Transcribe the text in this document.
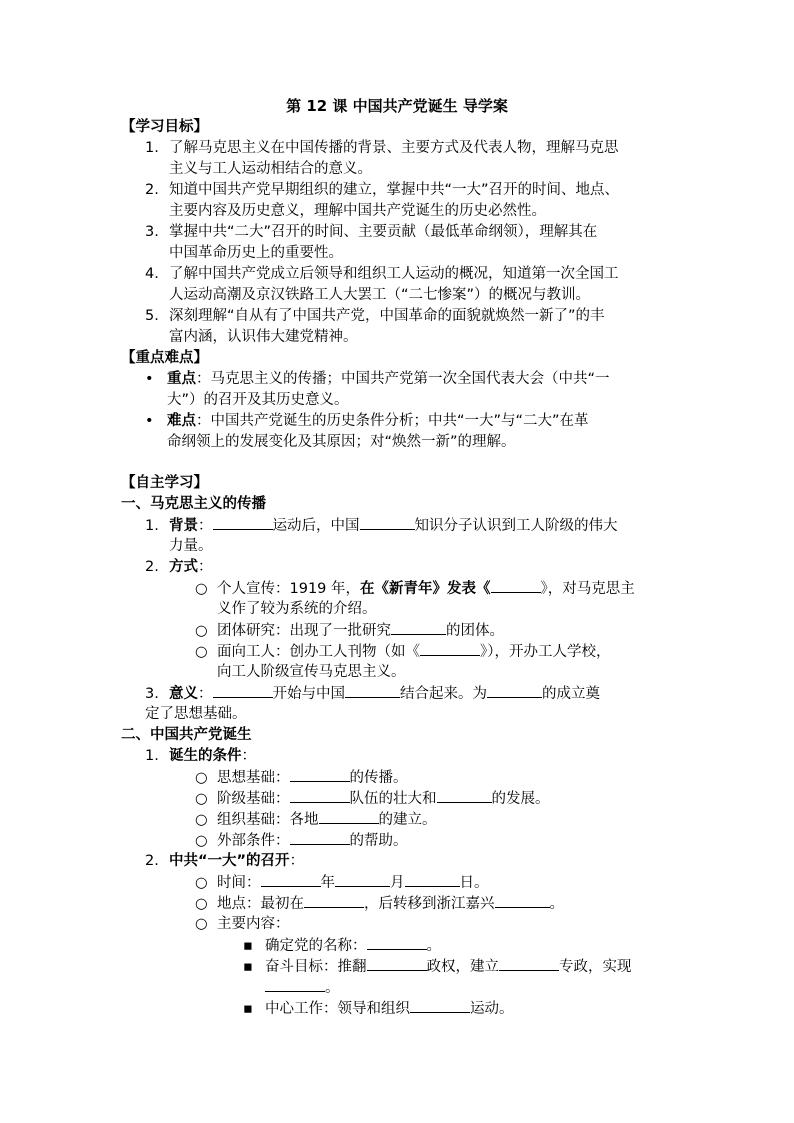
第 12 课 中国共产党诞生 导学案
【学习目标】
1. 了解马克思主义在中国传播的背景、主要方式及代表人物，理解马克思
主义与工人运动相结合的意义。
2. 知道中国共产党早期组织的建立，掌握中共“一大”召开的时间、地点、
主要内容及历史意义，理解中国共产党诞生的历史必然性。
3. 掌握中共“二大”召开的时间、主要贡献（最低革命纲领），理解其在
中国革命历史上的重要性。
4. 了解中国共产党成立后领导和组织工人运动的概况，知道第一次全国工
人运动高潮及京汉铁路工人大罢工（“二七惨案”）的概况与教训。
5. 深刻理解“自从有了中国共产党，中国革命的面貌就焕然一新了”的丰
富内涵，认识伟大建党精神。
【重点难点】
• 重点：马克思主义的传播；中国共产党第一次全国代表大会（中共“一
大”）的召开及其历史意义。
• 难点：中国共产党诞生的历史条件分析；中共“一大”与“二大”在革
命纲领上的发展变化及其原因；对“焕然一新”的理解。
【自主学习】
一、马克思主义的传播
1. 背景：	运动后，中国	知识分子认识到工人阶级的伟大
力量。
2. 方式：
○ 个人宣传：1919 年，在《新青年》发表《	》，对马克思主
义作了较为系统的介绍。
○ 团体研究：出现了一批研究	的团体。
○ 面向工人：创办工人刊物（如《	》），开办工人学校，
向工人阶级宣传马克思主义。
3. 意义：	开始与中国	结合起来。为	的成立奠
定了思想基础。
二、中国共产党诞生
1. 诞生的条件：
○ 思想基础：	的传播。
○ 阶级基础：	队伍的壮大和	的发展。
○ 组织基础：各地	的建立。
○ 外部条件：	的帮助。
2. 中共“一大”的召开：
○ 时间：	年	月	日。
○ 地点：最初在	，后转移到浙江嘉兴	。
○ 主要内容：
▪ 确定党的名称：	。
▪ 奋斗目标：推翻	政权，建立	专政，实现
。
▪ 中心工作：领导和组织	运动。
